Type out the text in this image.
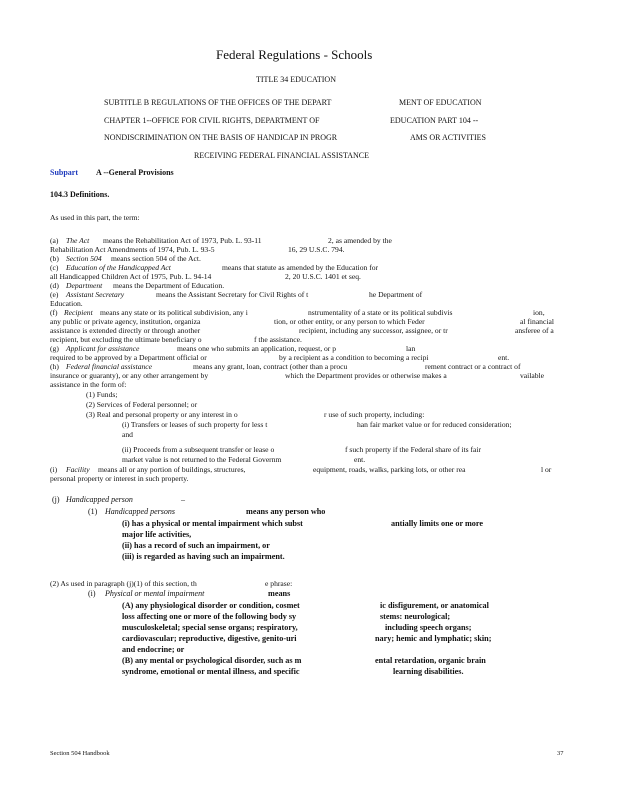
Federal Regulations - Schools
TITLE 34 EDUCATION
SUBTITLE B REGULATIONS OF THE OFFICES OF THE DEPART	MENT OF EDUCATION
CHAPTER 1--OFFICE FOR CIVIL RIGHTS, DEPARTMENT OF	EDUCATION PART 104 --
NONDISCRIMINATION ON THE BASIS OF HANDICAP IN PROGR	AMS OR ACTIVITIES
RECEIVING FEDERAL FINANCIAL ASSISTANCE
Subpart A --General Provisions
104.3 Definitions.
As used in this part, the term:
(a) The Act means the Rehabilitation Act of 1973, Pub. L. 93-11	2, as amended by the
Rehabilitation Act Amendments of 1974, Pub. L. 93-5	16, 29 U.S.C. 794.
(b) Section 504 means section 504 of the Act.
(c) Education of the Handicapped Act	means that statute as amended by the Education for
all Handicapped Children Act of 1975, Pub. L. 94-14	2, 20 U.S.C. 1401 et seq.
(d) Department means the Department of Education.
(e) Assistant Secretary	means the Assistant Secretary for Civil Rights of t	he Department of
Education.
(f) Recipient means any state or its political subdivision, any i	nstrumentality of a state or its political subdivis	ion,
any public or private agency, institution, organiza	tion, or other entity, or any person to which Feder	al financial
assistance is extended directly or through another	recipient, including any successor, assignee, or tr	ansferee of a
recipient, but excluding the ultimate beneficiary o	f the assistance.
(g) Applicant for assistance	means one who submits an application, request, or p	lan
required to be approved by a Department official or	by a recipient as a condition to becoming a recipi	ent.
(h) Federal financial assistance	means any grant, loan, contract (other than a procu	rement contract or a contract of
insurance or guaranty), or any other arrangement by	which the Department provides or otherwise makes a	vailable
assistance in the form of:
(1) Funds;
(2) Services of Federal personnel; or
(3) Real and personal property or any interest in o	r use of such property, including:
(i) Transfers or leases of such property for less t	han fair market value or for reduced consideration;
and
(ii) Proceeds from a subsequent transfer or lease o	f such property if the Federal share of its fair
market value is not returned to the Federal Governm	ent.
(i) Facility means all or any portion of buildings, structures,	equipment, roads, walks, parking lots, or other rea	l or
personal property or interest in such property.
(j) Handicapped person	–
(1) Handicapped persons	means any person who
(i) has a physical or mental impairment which subst	antially limits one or more
major life activities,
(ii) has a record of such an impairment, or
(iii) is regarded as having such an impairment.
(2) As used in paragraph (j)(1) of this section, th	e phrase:
(i) Physical or mental impairment	means
(A) any physiological disorder or condition, cosmet	ic disfigurement, or anatomical
loss affecting one or more of the following body sy	stems: neurological;
musculoskeletal; special sense organs; respiratory,	including speech organs;
cardiovascular; reproductive, digestive, genito-uri	nary; hemic and lymphatic; skin;
and endocrine; or
(B) any mental or psychological disorder, such as m	ental retardation, organic brain
syndrome, emotional or mental illness, and specific	learning disabilities.
Section 504 Handbook	37
